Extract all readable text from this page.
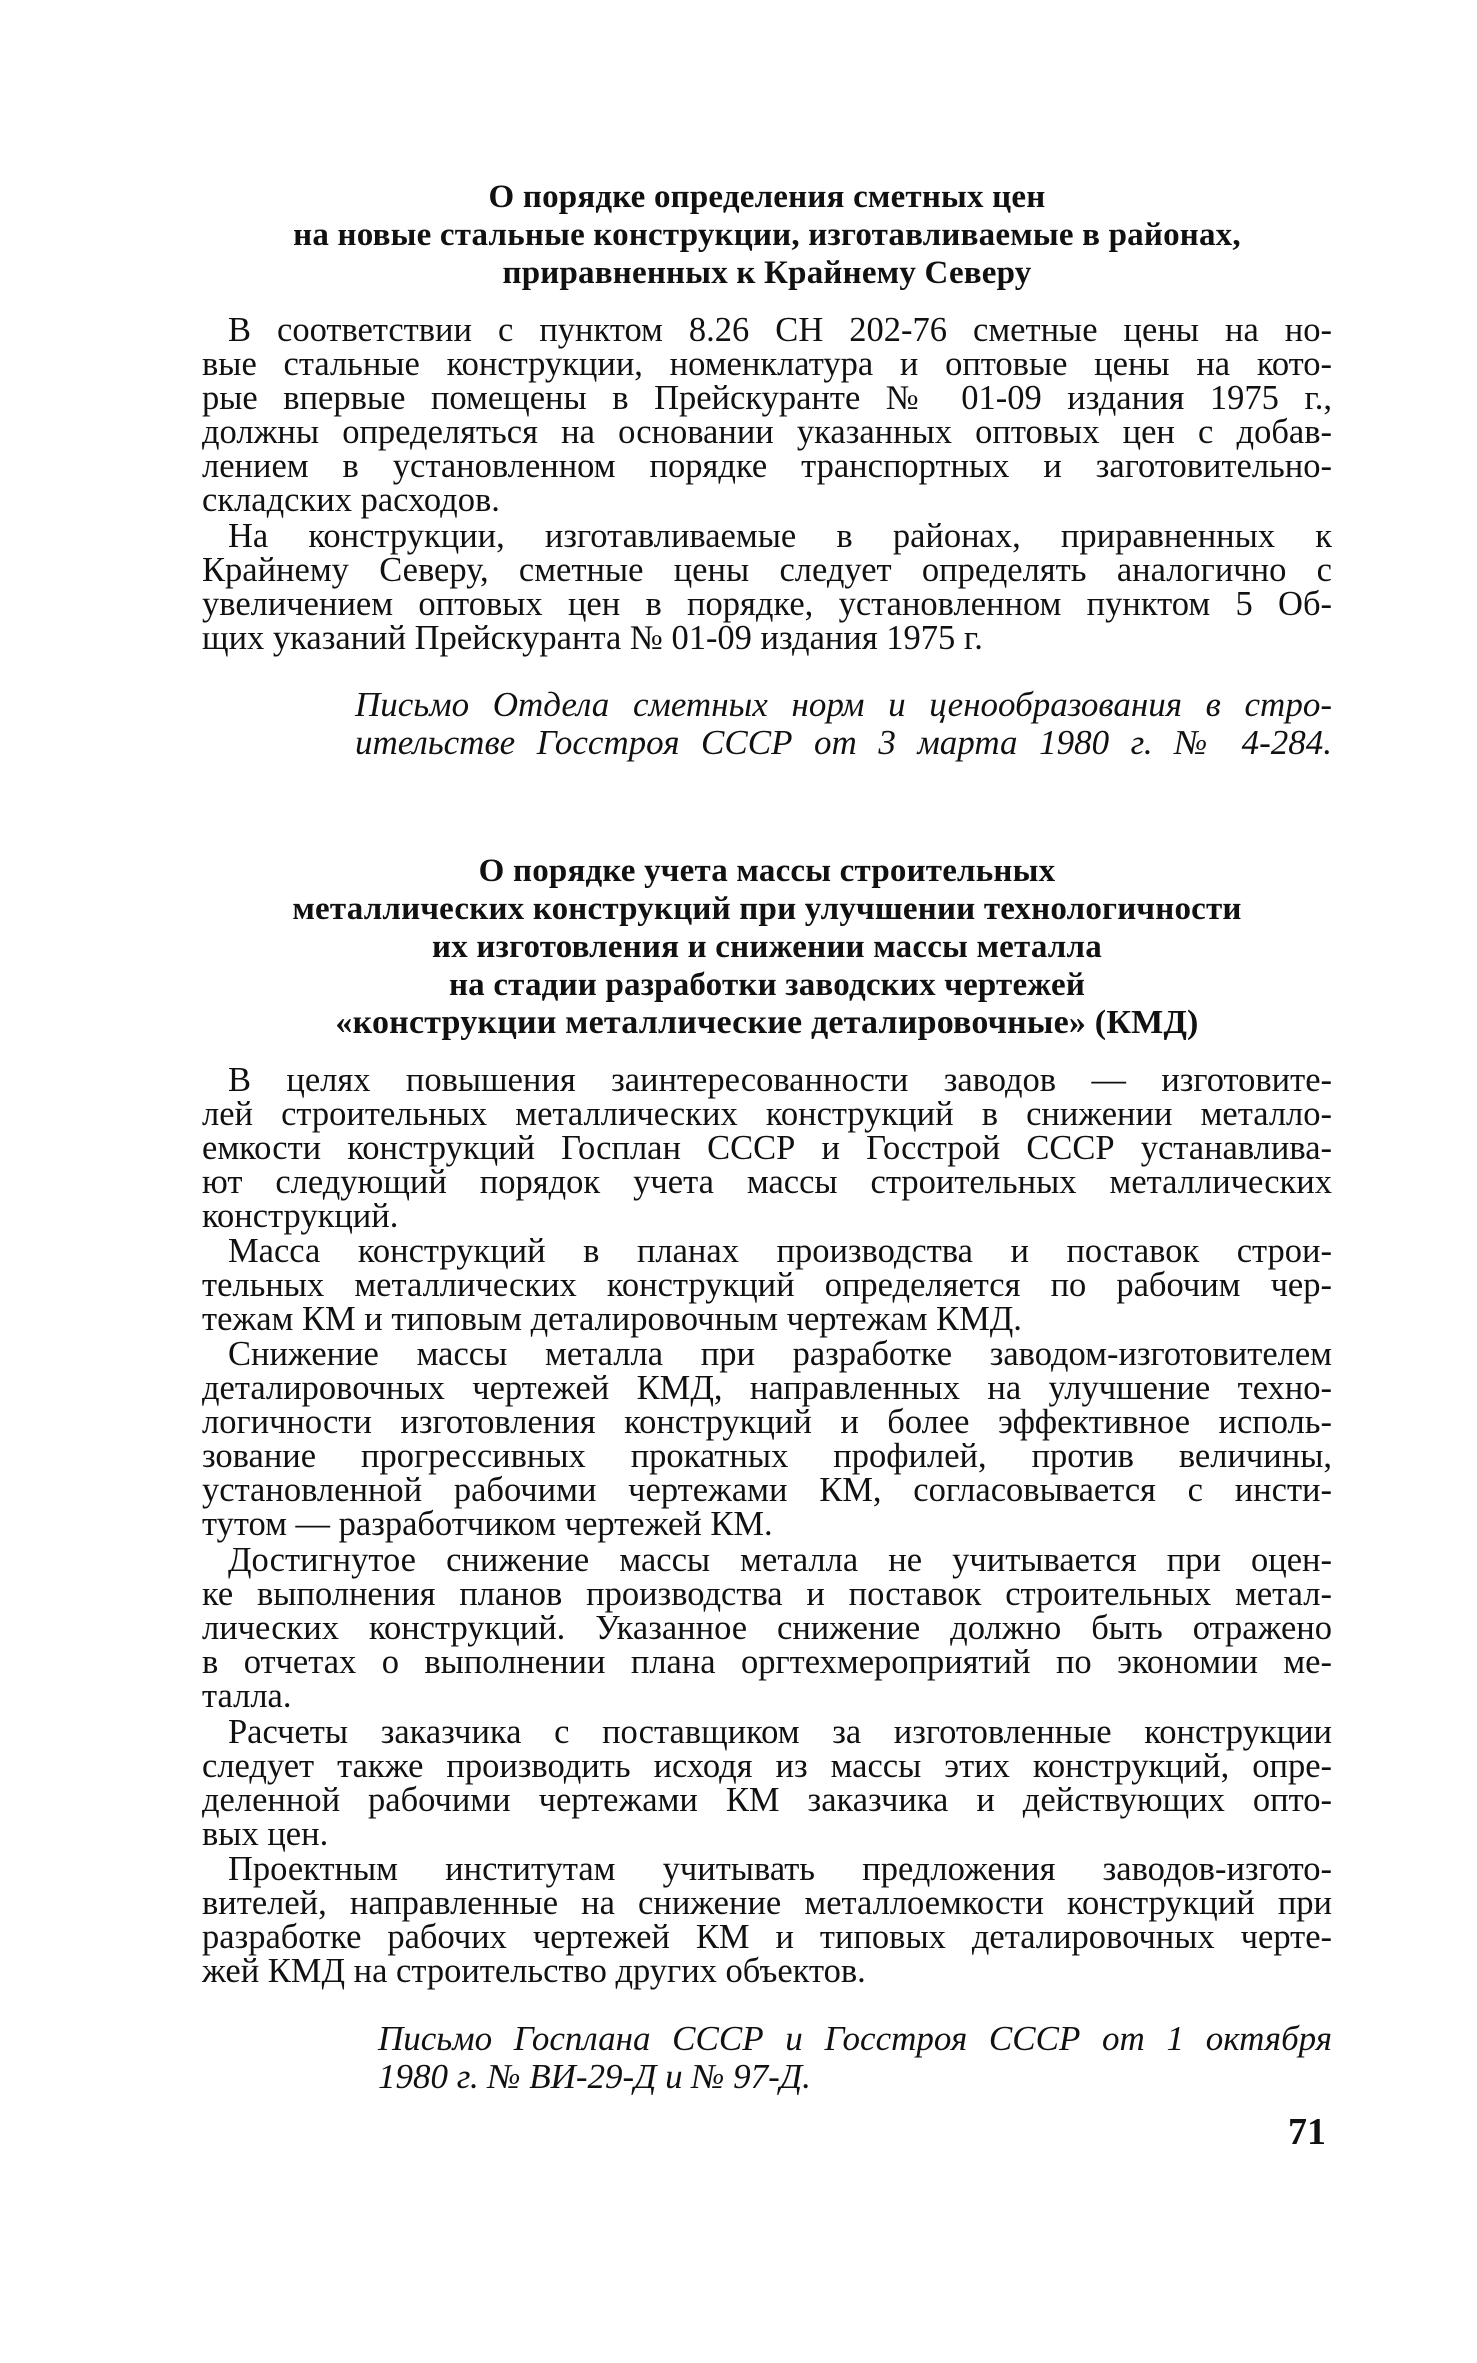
О порядке определения сметных цен
на новые стальные конструкции, изготавливаемые в районах,
приравненных к Крайнему Северу
В соответствии с пунктом 8.26 СН 202-76 сметные цены на но-
вые стальные конструкции, номенклатура и оптовые цены на кото-
рые впервые помещены в Прейскуранте № 01-09 издания 1975 г.,
должны определяться на основании указанных оптовых цен с добав-
лением в установленном порядке транспортных и заготовительно-
складских расходов.
На конструкции, изготавливаемые в районах, приравненных к
Крайнему Северу, сметные цены следует определять аналогично с
увеличением оптовых цен в порядке, установленном пунктом 5 Об-
щих указаний Прейскуранта № 01-09 издания 1975 г.
Письмо Отдела сметных норм и ценообразования в стро-
ительстве Госстроя СССР от 3 марта 1980 г. № 4-284.
О порядке учета массы строительных
металлических конструкций при улучшении технологичности
их изготовления и снижении массы металла
на стадии разработки заводских чертежей
«конструкции металлические деталировочные» (КМД)
В целях повышения заинтересованности заводов — изготовите-
лей строительных металлических конструкций в снижении металло-
емкости конструкций Госплан СССР и Госстрой СССР устанавлива-
ют следующий порядок учета массы строительных металлических
конструкций.
Масса конструкций в планах производства и поставок строи-
тельных металлических конструкций определяется по рабочим чер-
тежам КМ и типовым деталировочным чертежам КМД.
Снижение массы металла при разработке заводом-изготовителем
деталировочных чертежей КМД, направленных на улучшение техно-
логичности изготовления конструкций и более эффективное исполь-
зование прогрессивных прокатных профилей, против величины,
установленной рабочими чертежами КМ, согласовывается с инсти-
тутом — разработчиком чертежей КМ.
Достигнутое снижение массы металла не учитывается при оцен-
ке выполнения планов производства и поставок строительных метал-
лических конструкций. Указанное снижение должно быть отражено
в отчетах о выполнении плана оргтехмероприятий по экономии ме-
талла.
Расчеты заказчика с поставщиком за изготовленные конструкции
следует также производить исходя из массы этих конструкций, опре-
деленной рабочими чертежами КМ заказчика и действующих опто-
вых цен.
Проектным институтам учитывать предложения заводов-изгото-
вителей, направленные на снижение металлоемкости конструкций при
разработке рабочих чертежей КМ и типовых деталировочных черте-
жей КМД на строительство других объектов.
Письмо Госплана СССР и Госстроя СССР от 1 октября
1980 г. № ВИ-29-Д и № 97-Д.
71
